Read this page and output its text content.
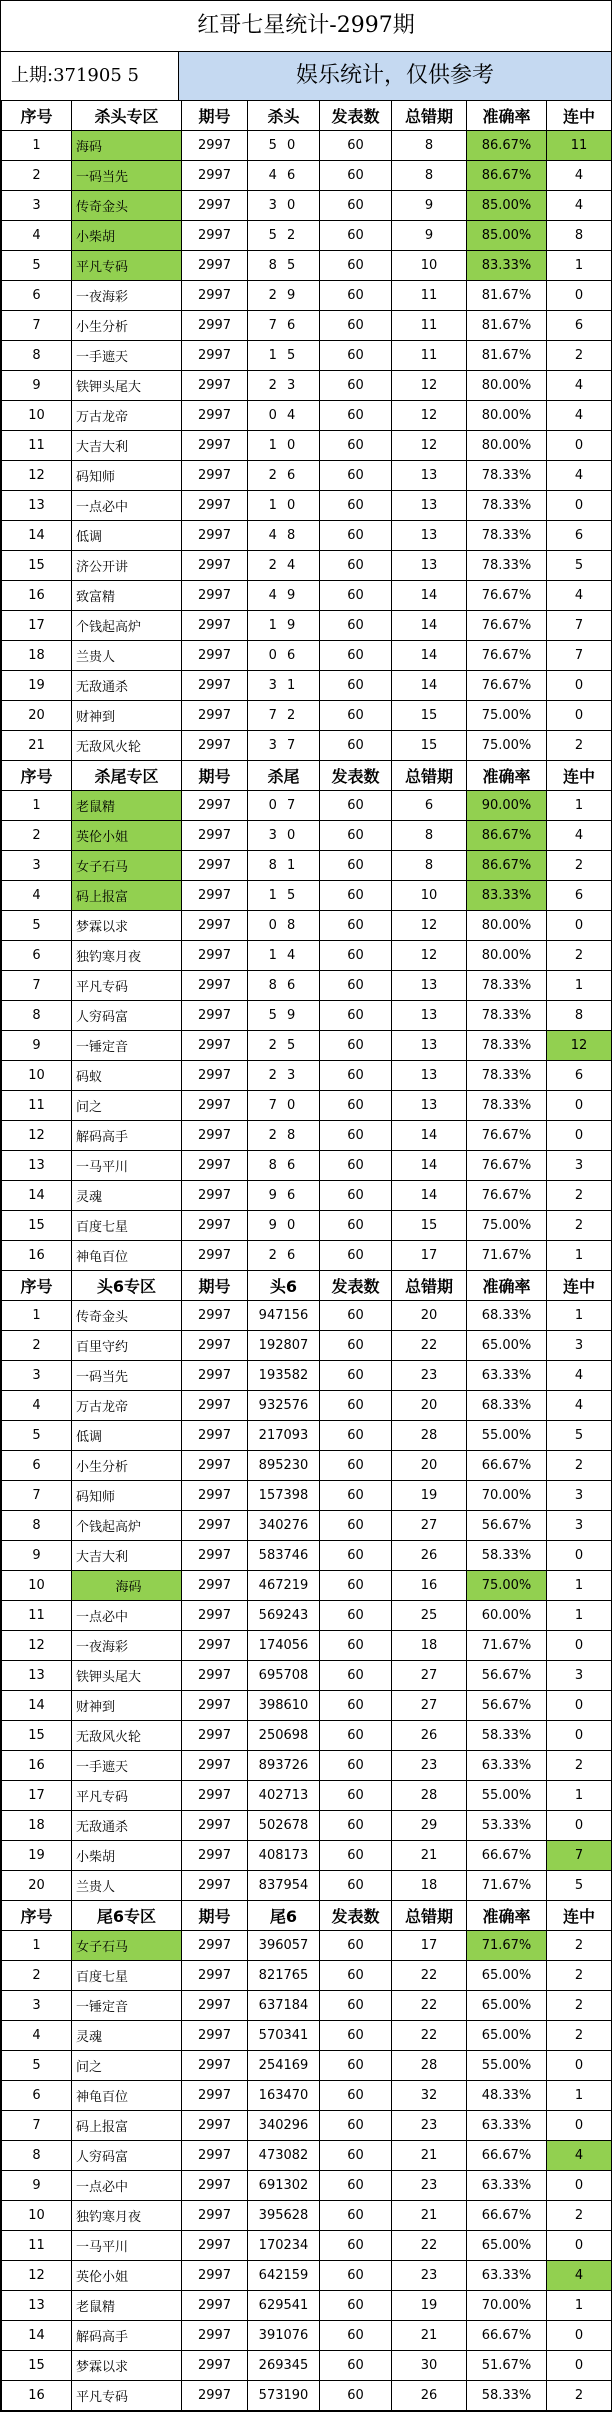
红哥七星统计-2997期
上期:371905 5	娱乐统计，仅供参考
序号	杀头专区	期号	杀头	发表数	总错期	准确率	连中
1	海码	2997	5 0	60	8	86.67%	11
2	一码当先	2997	4 6	60	8	86.67%	4
3	传奇金头	2997	3 0	60	9	85.00%	4
4	小柴胡	2997	5 2	60	9	85.00%	8
5	平凡专码	2997	8 5	60	10	83.33%	1
6	一夜海彩	2997	2 9	60	11	81.67%	0
7	小生分析	2997	7 6	60	11	81.67%	6
8	一手遮天	2997	1 5	60	11	81.67%	2
9	铁钾头尾大	2997	2 3	60	12	80.00%	4
10	万古龙帝	2997	0 4	60	12	80.00%	4
11	大吉大利	2997	1 0	60	12	80.00%	0
12	码知师	2997	2 6	60	13	78.33%	4
13	一点必中	2997	1 0	60	13	78.33%	0
14	低调	2997	4 8	60	13	78.33%	6
15	济公开讲	2997	2 4	60	13	78.33%	5
16	致富精	2997	4 9	60	14	76.67%	4
17	个钱起高炉	2997	1 9	60	14	76.67%	7
18	兰贵人	2997	0 6	60	14	76.67%	7
19	无敌通杀	2997	3 1	60	14	76.67%	0
20	财神到	2997	7 2	60	15	75.00%	0
21	无敌风火轮	2997	3 7	60	15	75.00%	2
序号	杀尾专区	期号	杀尾	发表数	总错期	准确率	连中
1	老鼠精	2997	0 7	60	6	90.00%	1
2	英伦小姐	2997	3 0	60	8	86.67%	4
3	女子石马	2997	8 1	60	8	86.67%	2
4	码上报富	2997	1 5	60	10	83.33%	6
5	梦霖以求	2997	0 8	60	12	80.00%	0
6	独钓寒月夜	2997	1 4	60	12	80.00%	2
7	平凡专码	2997	8 6	60	13	78.33%	1
8	人穷码富	2997	5 9	60	13	78.33%	8
9	一锤定音	2997	2 5	60	13	78.33%	12
10	码蚁	2997	2 3	60	13	78.33%	6
11	问之	2997	7 0	60	13	78.33%	0
12	解码高手	2997	2 8	60	14	76.67%	0
13	一马平川	2997	8 6	60	14	76.67%	3
14	灵魂	2997	9 6	60	14	76.67%	2
15	百度七星	2997	9 0	60	15	75.00%	2
16	神龟百位	2997	2 6	60	17	71.67%	1
序号	头6专区	期号	头6	发表数	总错期	准确率	连中
1	传奇金头	2997	947156	60	20	68.33%	1
2	百里守约	2997	192807	60	22	65.00%	3
3	一码当先	2997	193582	60	23	63.33%	4
4	万古龙帝	2997	932576	60	20	68.33%	4
5	低调	2997	217093	60	28	55.00%	5
6	小生分析	2997	895230	60	20	66.67%	2
7	码知师	2997	157398	60	19	70.00%	3
8	个钱起高炉	2997	340276	60	27	56.67%	3
9	大吉大利	2997	583746	60	26	58.33%	0
10	海码	2997	467219	60	16	75.00%	1
11	一点必中	2997	569243	60	25	60.00%	1
12	一夜海彩	2997	174056	60	18	71.67%	0
13	铁钾头尾大	2997	695708	60	27	56.67%	3
14	财神到	2997	398610	60	27	56.67%	0
15	无敌风火轮	2997	250698	60	26	58.33%	0
16	一手遮天	2997	893726	60	23	63.33%	2
17	平凡专码	2997	402713	60	28	55.00%	1
18	无敌通杀	2997	502678	60	29	53.33%	0
19	小柴胡	2997	408173	60	21	66.67%	7
20	兰贵人	2997	837954	60	18	71.67%	5
序号	尾6专区	期号	尾6	发表数	总错期	准确率	连中
1	女子石马	2997	396057	60	17	71.67%	2
2	百度七星	2997	821765	60	22	65.00%	2
3	一锤定音	2997	637184	60	22	65.00%	2
4	灵魂	2997	570341	60	22	65.00%	2
5	问之	2997	254169	60	28	55.00%	0
6	神龟百位	2997	163470	60	32	48.33%	1
7	码上报富	2997	340296	60	23	63.33%	0
8	人穷码富	2997	473082	60	21	66.67%	4
9	一点必中	2997	691302	60	23	63.33%	0
10	独钓寒月夜	2997	395628	60	21	66.67%	2
11	一马平川	2997	170234	60	22	65.00%	0
12	英伦小姐	2997	642159	60	23	63.33%	4
13	老鼠精	2997	629541	60	19	70.00%	1
14	解码高手	2997	391076	60	21	66.67%	0
15	梦霖以求	2997	269345	60	30	51.67%	0
16	平凡专码	2997	573190	60	26	58.33%	2
